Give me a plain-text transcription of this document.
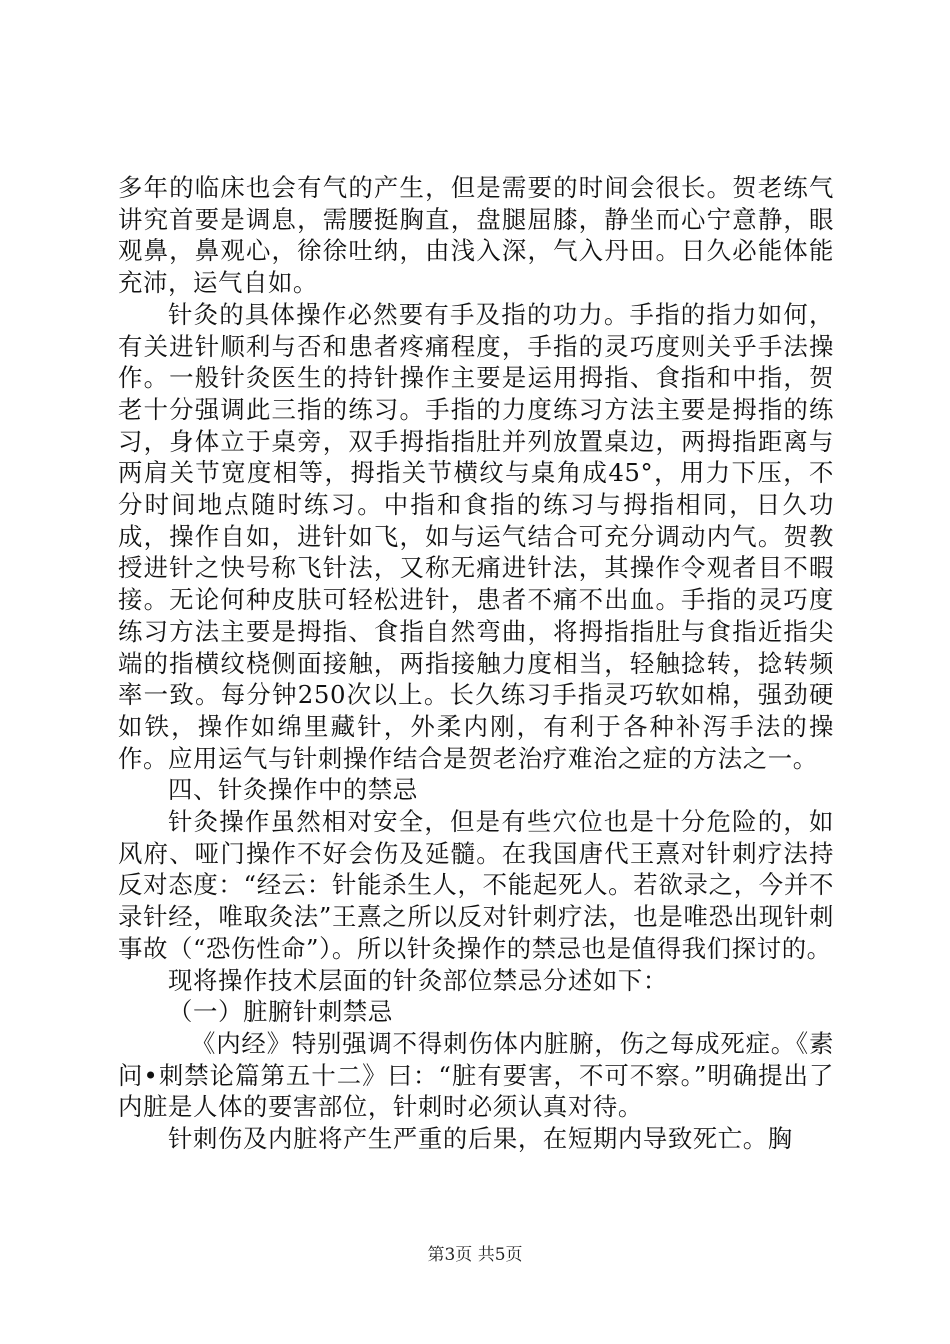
多年的临床也会有气的产生，但是需要的时间会很长。贺老练气讲究首要是调息，需腰挺胸直，盘腿屈膝，静坐而心宁意静，眼观鼻，鼻观心，徐徐吐纳，由浅入深，气入丹田。日久必能体能充沛，运气自如。

针灸的具体操作必然要有手及指的功力。手指的指力如何，有关进针顺利与否和患者疼痛程度，手指的灵巧度则关乎手法操作。一般针灸医生的持针操作主要是运用拇指、食指和中指，贺老十分强调此三指的练习。手指的力度练习方法主要是拇指的练习，身体立于桌旁，双手拇指指肚并列放置桌边，两拇指距离与两肩关节宽度相等，拇指关节横纹与桌角成45°，用力下压，不分时间地点随时练习。中指和食指的练习与拇指相同，日久功成，操作自如，进针如飞，如与运气结合可充分调动内气。贺教授进针之快号称飞针法，又称无痛进针法，其操作令观者目不暇接。无论何种皮肤可轻松进针，患者不痛不出血。手指的灵巧度练习方法主要是拇指、食指自然弯曲，将拇指指肚与食指近指尖端的指横纹桡侧面接触，两指接触力度相当，轻触捻转，捻转频率一致。每分钟250次以上。长久练习手指灵巧软如棉，强劲硬如铁，操作如绵里藏针，外柔内刚，有利于各种补泻手法的操作。应用运气与针刺操作结合是贺老治疗难治之症的方法之一。

四、针灸操作中的禁忌

针灸操作虽然相对安全，但是有些穴位也是十分危险的，如风府、哑门操作不好会伤及延髓。在我国唐代王熹对针刺疗法持反对态度：“经云：针能杀生人，不能起死人。若欲录之，今并不录针经，唯取灸法”王熹之所以反对针刺疗法，也是唯恐出现针刺事故（“恐伤性命”）。所以针灸操作的禁忌也是值得我们探讨的。

现将操作技术层面的针灸部位禁忌分述如下：

（一）脏腑针刺禁忌

《内经》特别强调不得刺伤体内脏腑，伤之每成死症。《素问•刺禁论篇第五十二》曰：“脏有要害，不可不察。”明确提出了内脏是人体的要害部位，针刺时必须认真对待。

针刺伤及内脏将产生严重的后果，在短期内导致死亡。胸

第3页 共5页
